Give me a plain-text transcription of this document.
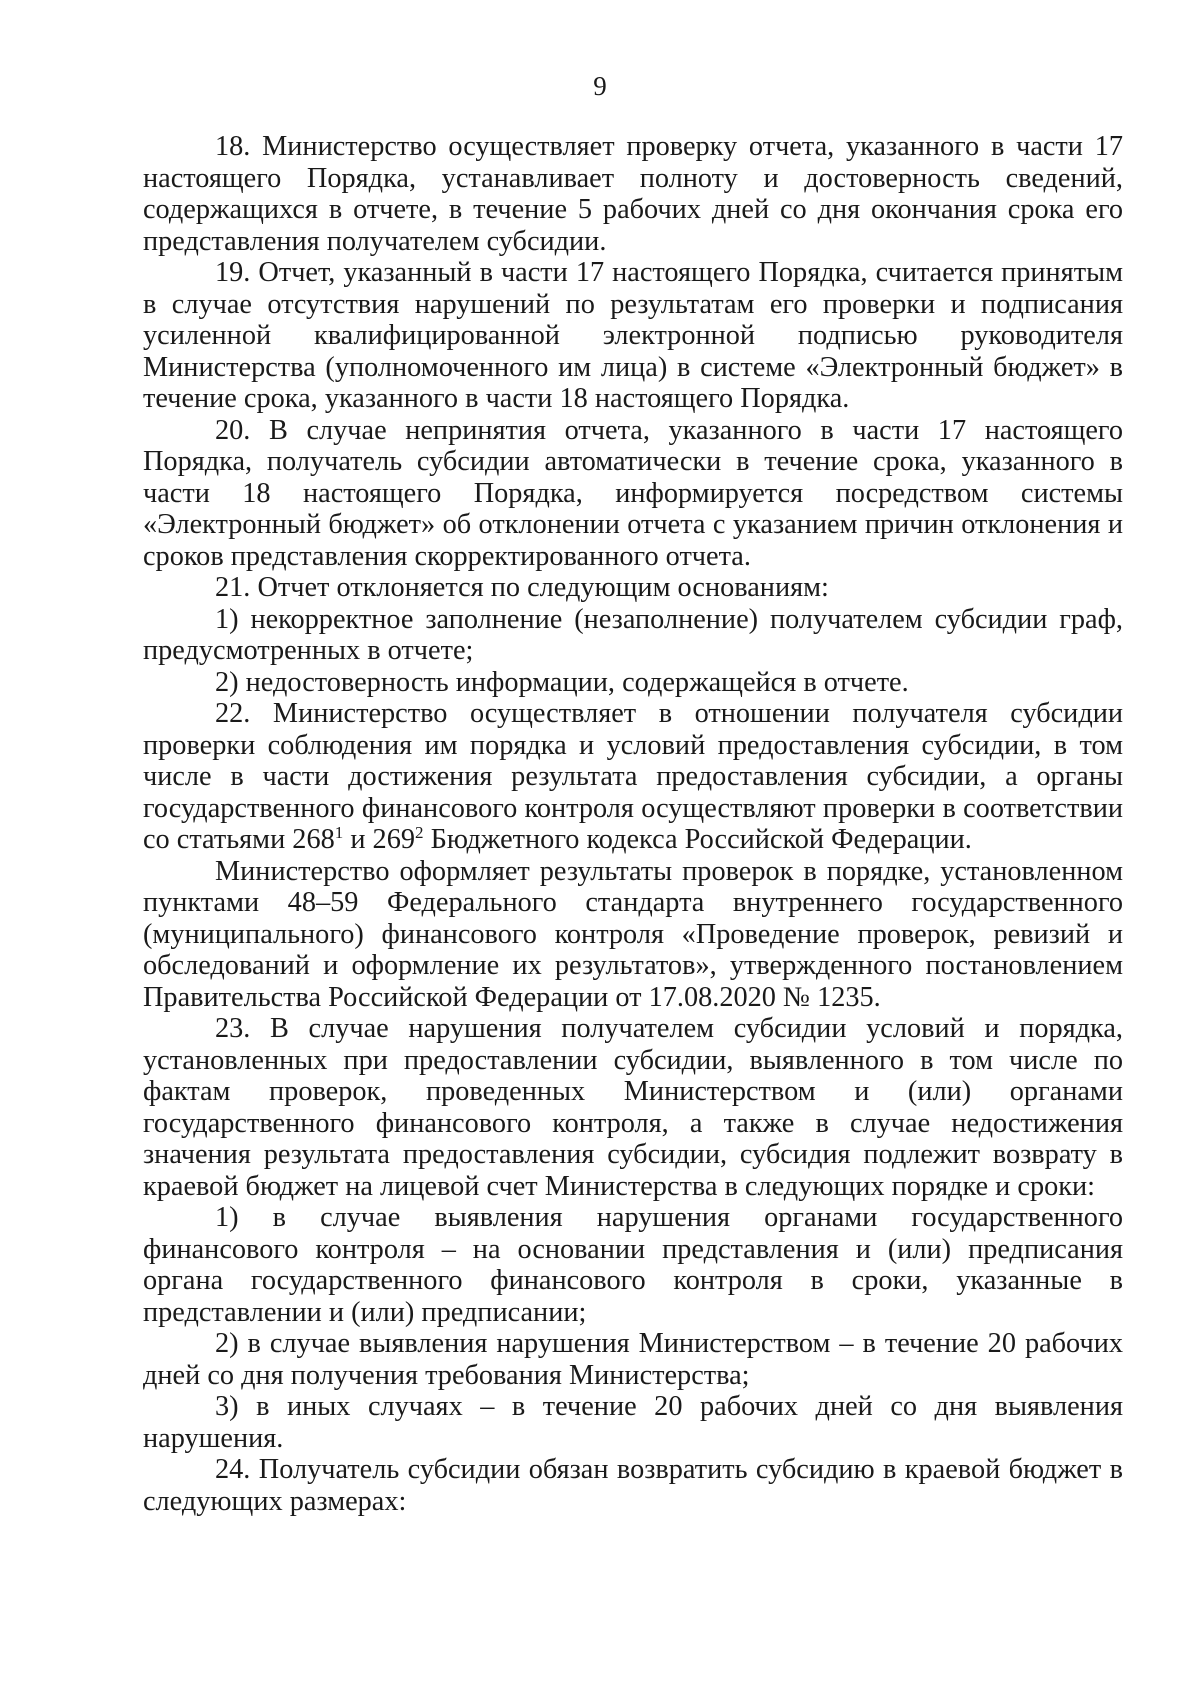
9

18. Министерство осуществляет проверку отчета, указанного в части 17 настоящего Порядка, устанавливает полноту и достоверность сведений, содержащихся в отчете, в течение 5 рабочих дней со дня окончания срока его представления получателем субсидии.

19. Отчет, указанный в части 17 настоящего Порядка, считается принятым в случае отсутствия нарушений по результатам его проверки и подписания усиленной квалифицированной электронной подписью руководителя Министерства (уполномоченного им лица) в системе «Электронный бюджет» в течение срока, указанного в части 18 настоящего Порядка.

20. В случае непринятия отчета, указанного в части 17 настоящего Порядка, получатель субсидии автоматически в течение срока, указанного в части 18 настоящего Порядка, информируется посредством системы «Электронный бюджет» об отклонении отчета с указанием причин отклонения и сроков представления скорректированного отчета.

21. Отчет отклоняется по следующим основаниям:

1) некорректное заполнение (незаполнение) получателем субсидии граф, предусмотренных в отчете;

2) недостоверность информации, содержащейся в отчете.

22. Министерство осуществляет в отношении получателя субсидии проверки соблюдения им порядка и условий предоставления субсидии, в том числе в части достижения результата предоставления субсидии, а органы государственного финансового контроля осуществляют проверки в соответствии со статьями $268^1$ и $269^2$ Бюджетного кодекса Российской Федерации.

Министерство оформляет результаты проверок в порядке, установленном пунктами 48–59 Федерального стандарта внутреннего государственного (муниципального) финансового контроля «Проведение проверок, ревизий и обследований и оформление их результатов», утвержденного постановлением Правительства Российской Федерации от 17.08.2020 № 1235.

23. В случае нарушения получателем субсидии условий и порядка, установленных при предоставлении субсидии, выявленного в том числе по фактам проверок, проведенных Министерством и (или) органами государственного финансового контроля, а также в случае недостижения значения результата предоставления субсидии, субсидия подлежит возврату в краевой бюджет на лицевой счет Министерства в следующих порядке и сроки:

1) в случае выявления нарушения органами государственного финансового контроля – на основании представления и (или) предписания органа государственного финансового контроля в сроки, указанные в представлении и (или) предписании;

2) в случае выявления нарушения Министерством – в течение 20 рабочих дней со дня получения требования Министерства;

3) в иных случаях – в течение 20 рабочих дней со дня выявления нарушения.

24. Получатель субсидии обязан возвратить субсидию в краевой бюджет в следующих размерах:
